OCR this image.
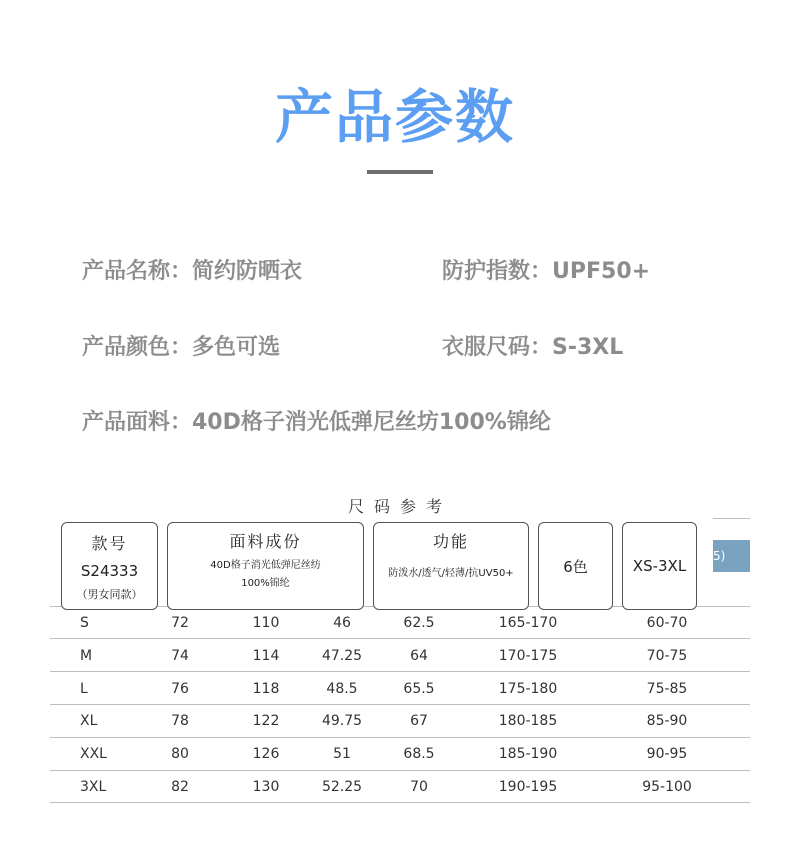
产品参数
产品名称：简约防晒衣	防护指数：UPF50+
产品颜色：多色可选	衣服尺码：S-3XL
产品面料：40D格子消光低弹尼丝坊100%锦纶
尺码参考
5)
S	72	110	46	62.5	165-170	60-70
M	74	114	47.25	64	170-175	70-75
L	76	118	48.5	65.5	175-180	75-85
XL	78	122	49.75	67	180-185	85-90
XXL	80	126	51	68.5	185-190	90-95
3XL	82	130	52.25	70	190-195	95-100
款号
S24333
（男女同款）
面料成份
40D格子消光低弹尼丝纺
100%锦纶
功能
防泼水/透气/轻薄/抗UV50+	6色	XS-3XL
